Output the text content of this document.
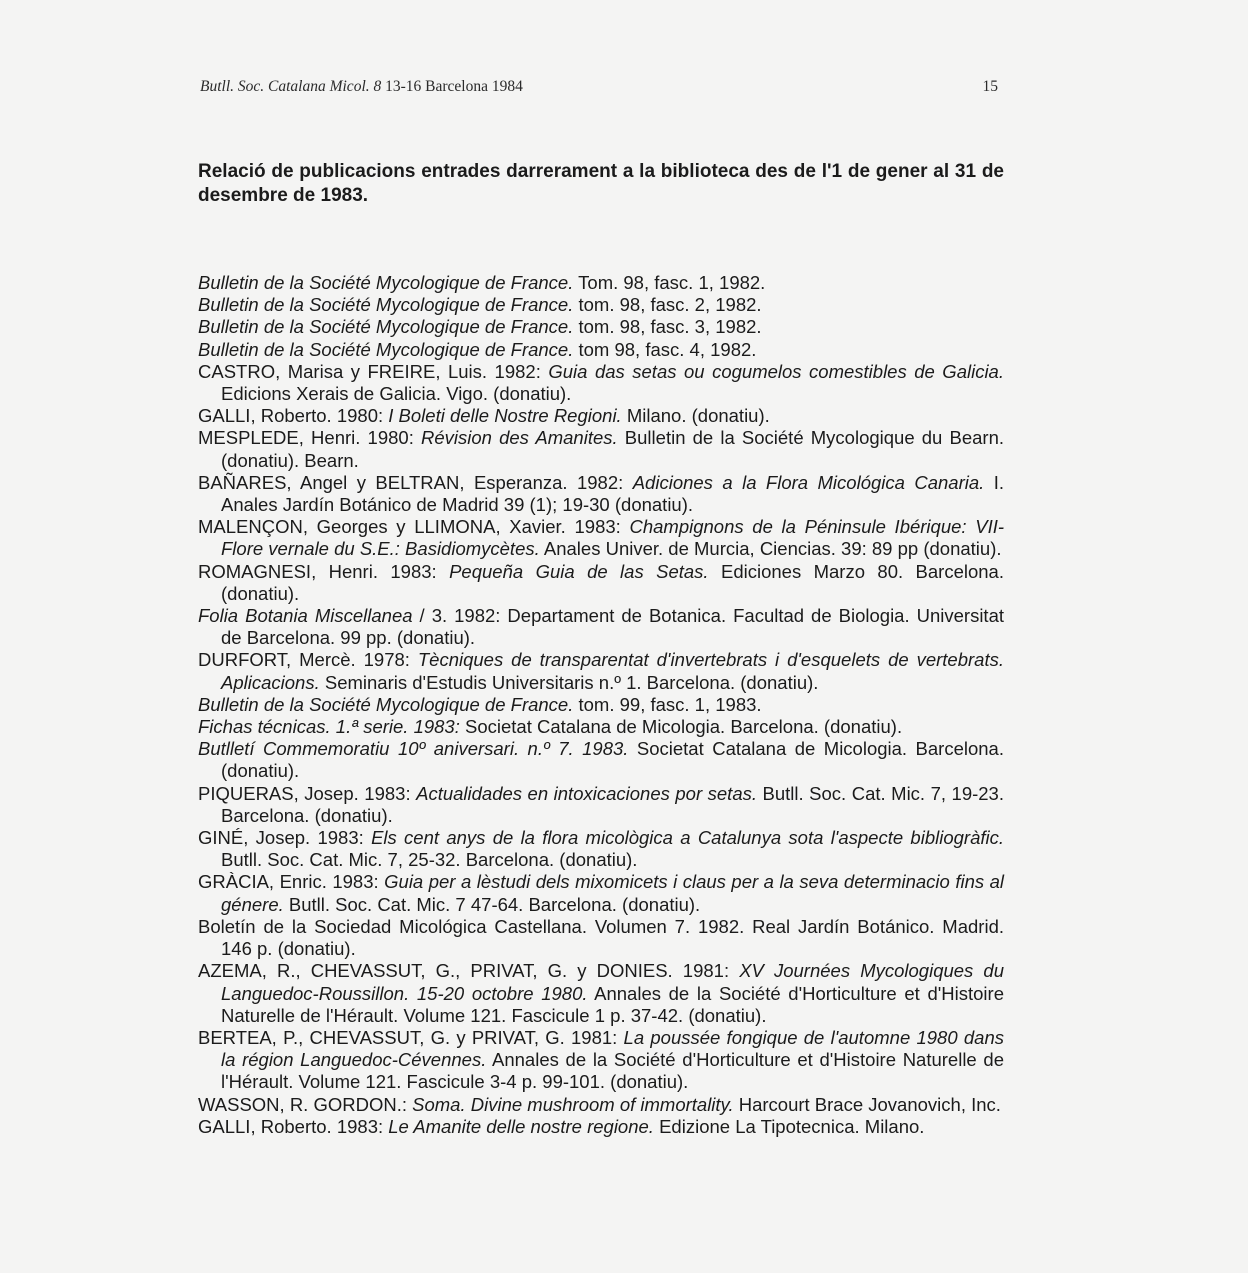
Butll. Soc. Catalana Micol. 8 13-16 Barcelona 1984	15
Relació de publicacions entrades darrerament a la biblioteca des de l'1 de gener al 31 de desembre de 1983.
Bulletin de la Société Mycologique de France. Tom. 98, fasc. 1, 1982.
Bulletin de la Société Mycologique de France. tom. 98, fasc. 2, 1982.
Bulletin de la Société Mycologique de France. tom. 98, fasc. 3, 1982.
Bulletin de la Société Mycologique de France. tom 98, fasc. 4, 1982.
CASTRO, Marisa y FREIRE, Luis. 1982: Guia das setas ou cogumelos comestibles de Galicia. Edicions Xerais de Galicia. Vigo. (donatiu).
GALLI, Roberto. 1980: I Boleti delle Nostre Regioni. Milano. (donatiu).
MESPLEDE, Henri. 1980: Révision des Amanites. Bulletin de la Société Mycologique du Bearn. (donatiu). Bearn.
BAÑARES, Angel y BELTRAN, Esperanza. 1982: Adiciones a la Flora Micológica Canaria. I. Anales Jardín Botánico de Madrid 39 (1); 19-30 (donatiu).
MALENÇON, Georges y LLIMONA, Xavier. 1983: Champignons de la Péninsule Ibérique: VII- Flore vernale du S.E.: Basidiomycètes. Anales Univer. de Murcia, Ciencias. 39: 89 pp (donatiu).
ROMAGNESI, Henri. 1983: Pequeña Guia de las Setas. Ediciones Marzo 80. Barcelona. (donatiu).
Folia Botania Miscellanea / 3. 1982: Departament de Botanica. Facultad de Biologia. Universitat de Barcelona. 99 pp. (donatiu).
DURFORT, Mercè. 1978: Tècniques de transparentat d'invertebrats i d'esquelets de vertebrats. Aplicacions. Seminaris d'Estudis Universitaris n.º 1. Barcelona. (donatiu).
Bulletin de la Société Mycologique de France. tom. 99, fasc. 1, 1983.
Fichas técnicas. 1.ª serie. 1983: Societat Catalana de Micologia. Barcelona. (donatiu).
Butlletí Commemoratiu 10º aniversari. n.º 7. 1983. Societat Catalana de Micologia. Barcelona. (donatiu).
PIQUERAS, Josep. 1983: Actualidades en intoxicaciones por setas. Butll. Soc. Cat. Mic. 7, 19-23. Barcelona. (donatiu).
GINÉ, Josep. 1983: Els cent anys de la flora micològica a Catalunya sota l'aspecte bibliogràfic. Butll. Soc. Cat. Mic. 7, 25-32. Barcelona. (donatiu).
GRÀCIA, Enric. 1983: Guia per a lèstudi dels mixomicets i claus per a la seva determinacio fins al génere. Butll. Soc. Cat. Mic. 7 47-64. Barcelona. (donatiu).
Boletín de la Sociedad Micológica Castellana. Volumen 7. 1982. Real Jardín Botánico. Madrid. 146 p. (donatiu).
AZEMA, R., CHEVASSUT, G., PRIVAT, G. y DONIES. 1981: XV Journées Mycologiques du Languedoc-Roussillon. 15-20 octobre 1980. Annales de la Société d'Horticulture et d'Histoire Naturelle de l'Hérault. Volume 121. Fascicule 1 p. 37-42. (donatiu).
BERTEA, P., CHEVASSUT, G. y PRIVAT, G. 1981: La poussée fongique de l'automne 1980 dans la région Languedoc-Cévennes. Annales de la Société d'Horticulture et d'Histoire Naturelle de l'Hérault. Volume 121. Fascicule 3-4 p. 99-101. (donatiu).
WASSON, R. GORDON.: Soma. Divine mushroom of immortality. Harcourt Brace Jovanovich, Inc.
GALLI, Roberto. 1983: Le Amanite delle nostre regione. Edizione La Tipotecnica. Milano.
